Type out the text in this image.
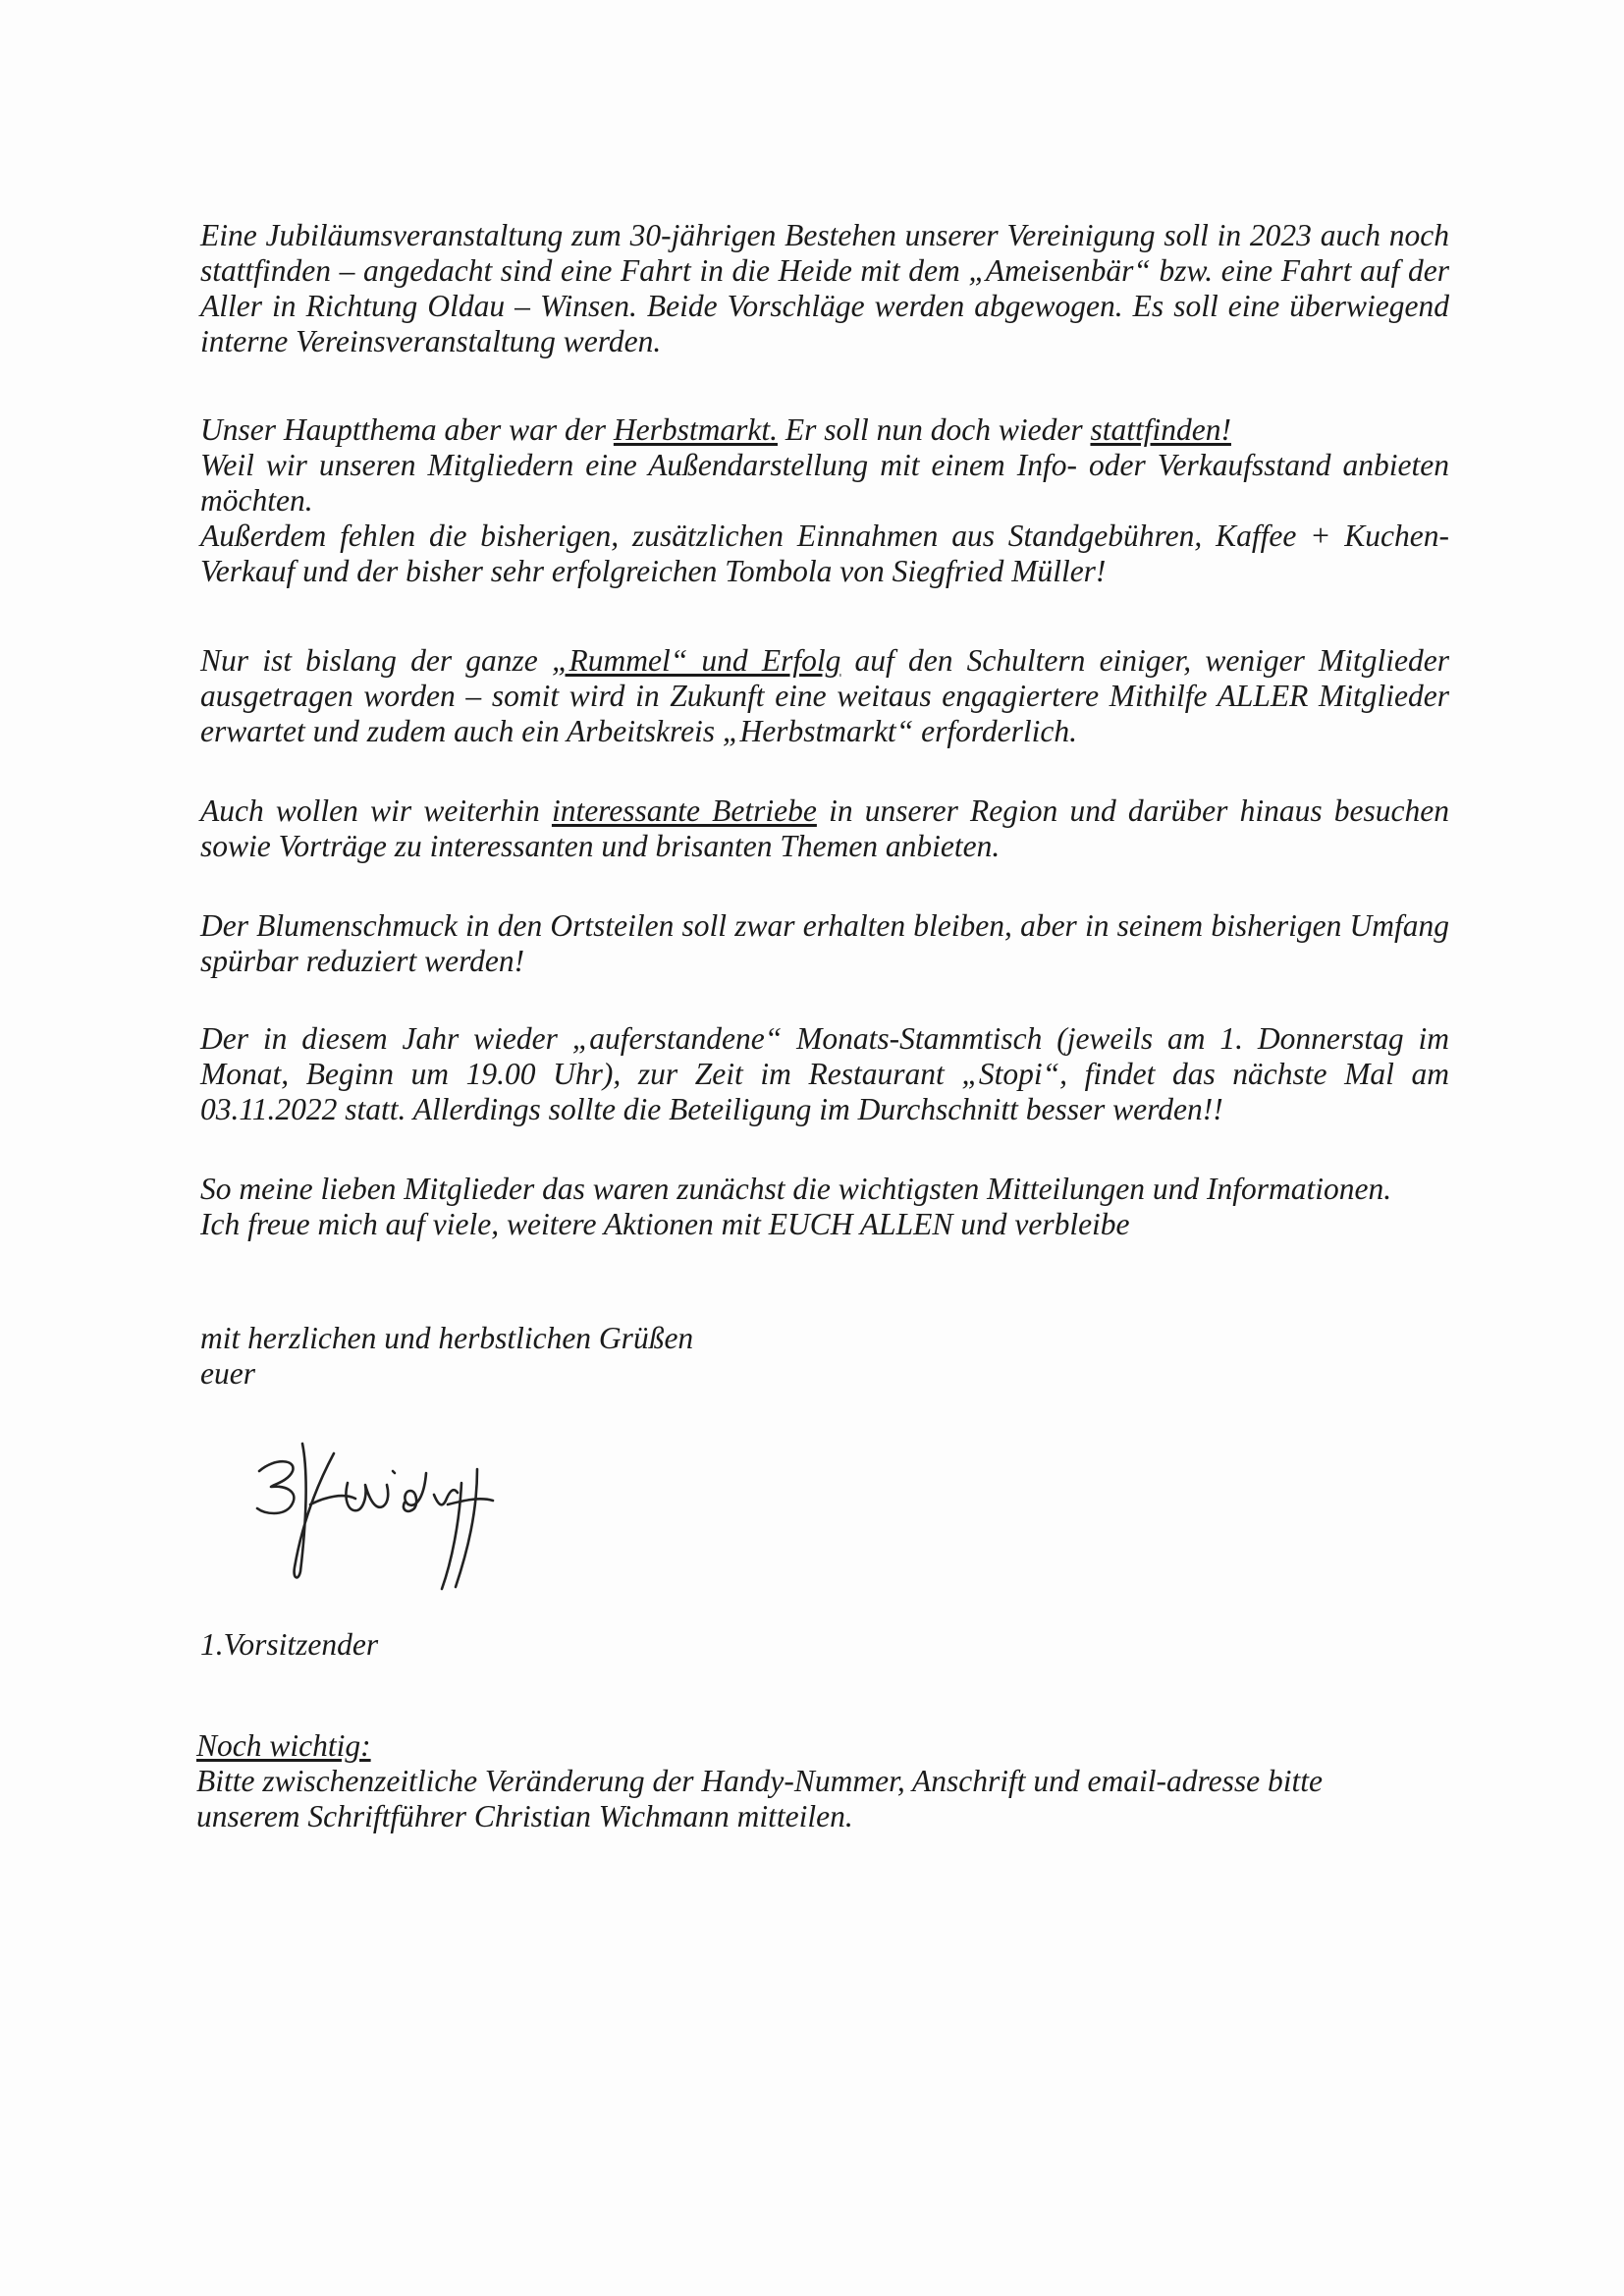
Eine Jubiläumsveranstaltung zum 30-jährigen Bestehen unserer Vereinigung soll in 2023 auch noch stattfinden – angedacht sind eine Fahrt in die Heide mit dem „Ameisenbär“ bzw. eine Fahrt auf der Aller in Richtung Oldau – Winsen. Beide Vorschläge werden abgewogen. Es soll eine überwiegend interne Vereinsveranstaltung werden.

Unser Hauptthema aber war der Herbstmarkt. Er soll nun doch wieder stattfinden!

Weil wir unseren Mitgliedern eine Außendarstellung mit einem Info- oder Verkaufsstand anbieten möchten.

Außerdem fehlen die bisherigen, zusätzlichen Einnahmen aus Standgebühren, Kaffee + Kuchen-Verkauf und der bisher sehr erfolgreichen Tombola von Siegfried Müller!

Nur ist bislang der ganze „Rummel“ und Erfolg auf den Schultern einiger, weniger Mitglieder ausgetragen worden – somit wird in Zukunft eine weitaus engagiertere Mithilfe ALLER Mitglieder erwartet und zudem auch ein Arbeitskreis „Herbstmarkt“ erforderlich.

Auch wollen wir weiterhin interessante Betriebe in unserer Region und darüber hinaus besuchen sowie Vorträge zu interessanten und brisanten Themen anbieten.

Der Blumenschmuck in den Ortsteilen soll zwar erhalten bleiben, aber in seinem bisherigen Umfang spürbar reduziert werden!

Der in diesem Jahr wieder „auferstandene“ Monats-Stammtisch (jeweils am 1. Donnerstag im Monat, Beginn um 19.00 Uhr), zur Zeit im Restaurant „Stopi“, findet das nächste Mal am 03.11.2022 statt. Allerdings sollte die Beteiligung im Durchschnitt besser werden!!

So meine lieben Mitglieder das waren zunächst die wichtigsten Mitteilungen und Informationen.

Ich freue mich auf viele, weitere Aktionen mit EUCH ALLEN und verbleibe

mit herzlichen und herbstlichen Grüßen
euer
1.Vorsitzender
Noch wichtig:
Bitte zwischenzeitliche Veränderung der Handy-Nummer, Anschrift und email-adresse bitte
unserem Schriftführer Christian Wichmann mitteilen.
